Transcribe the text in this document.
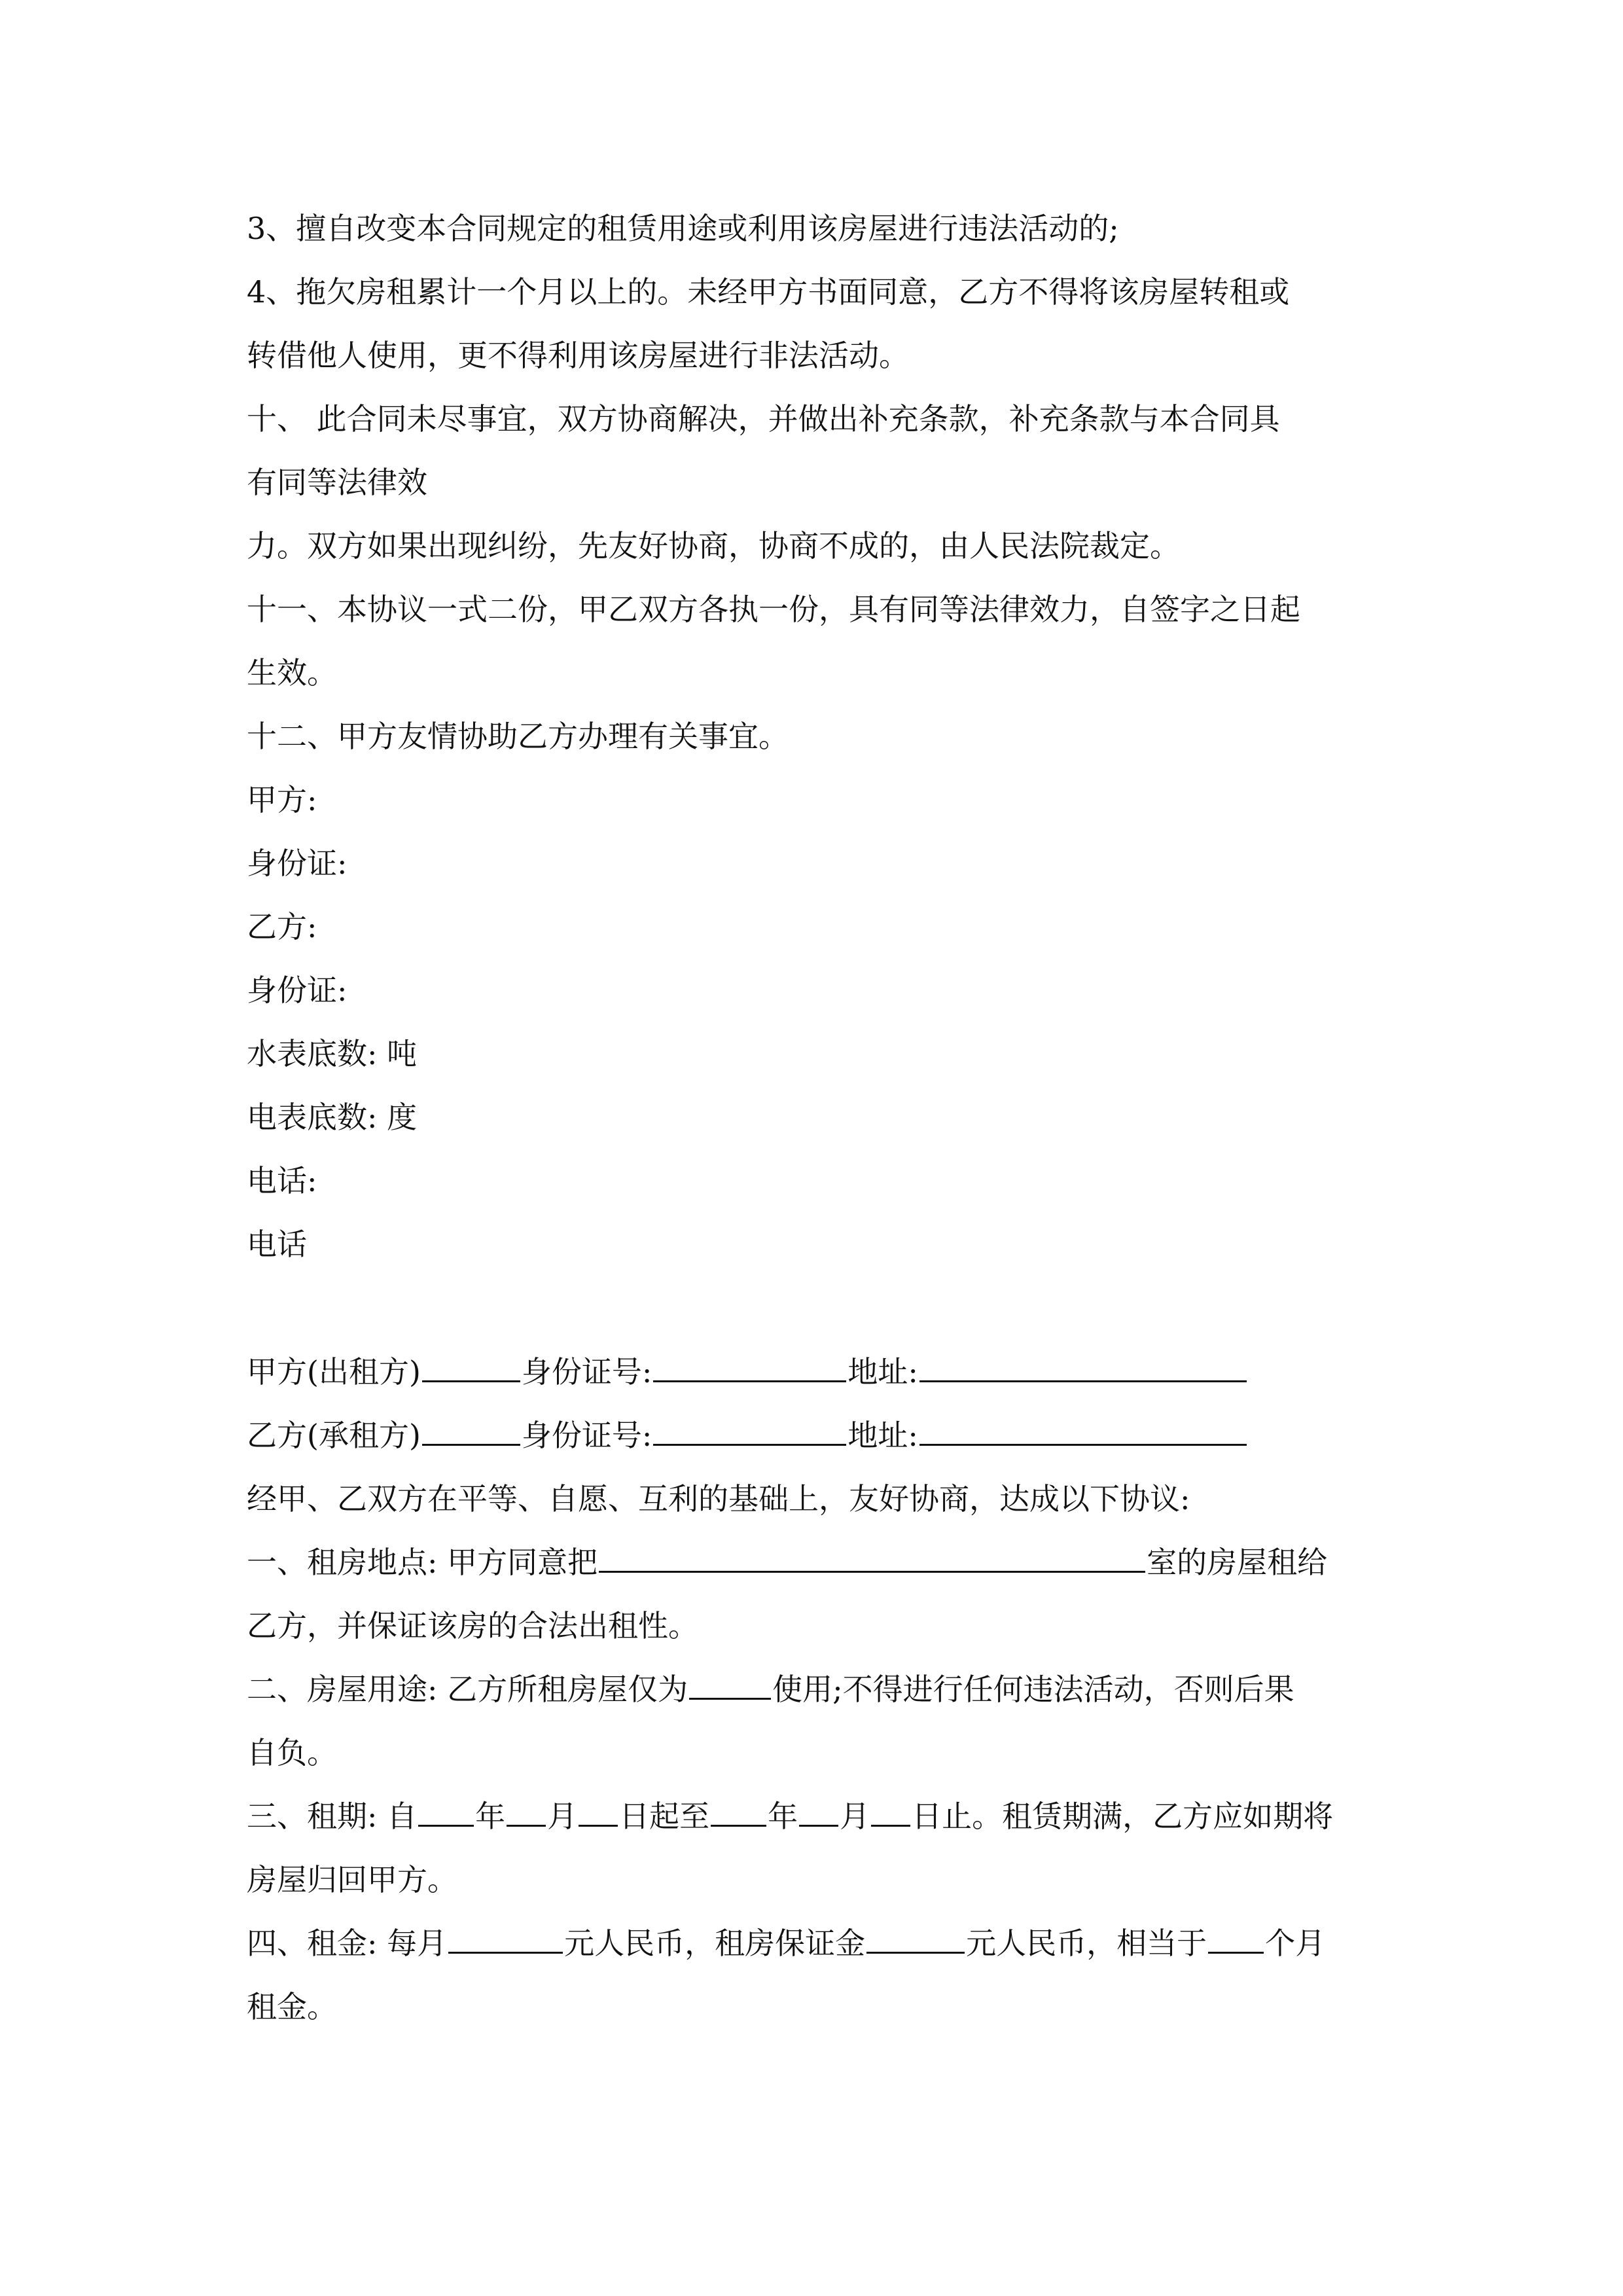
3、擅自改变本合同规定的租赁用途或利用该房屋进行违法活动的;
4、拖欠房租累计一个月以上的。未经甲方书面同意，乙方不得将该房屋转租或
转借他人使用，更不得利用该房屋进行非法活动。
十、 此合同未尽事宜，双方协商解决，并做出补充条款，补充条款与本合同具
有同等法律效
力。双方如果出现纠纷，先友好协商，协商不成的，由人民法院裁定。
十一、本协议一式二份，甲乙双方各执一份，具有同等法律效力，自签字之日起
生效。
十二、甲方友情协助乙方办理有关事宜。
甲方:
身份证:
乙方:
身份证:
水表底数: 吨
电表底数: 度
电话:
电话
甲方(出租方)	身份证号:	地址:
乙方(承租方)	身份证号:	地址:
经甲、乙双方在平等、自愿、互利的基础上，友好协商，达成以下协议:
一、租房地点: 甲方同意把	室的房屋租给
乙方，并保证该房的合法出租性。
二、房屋用途: 乙方所租房屋仅为	使用;不得进行任何违法活动，否则后果
自负。
三、租期: 自 年 月 日起至 年 月 日止。租赁期满，乙方应如期将
房屋归回甲方。
四、租金: 每月	元人民币，租房保证金	元人民币，相当于 个月
租金。
